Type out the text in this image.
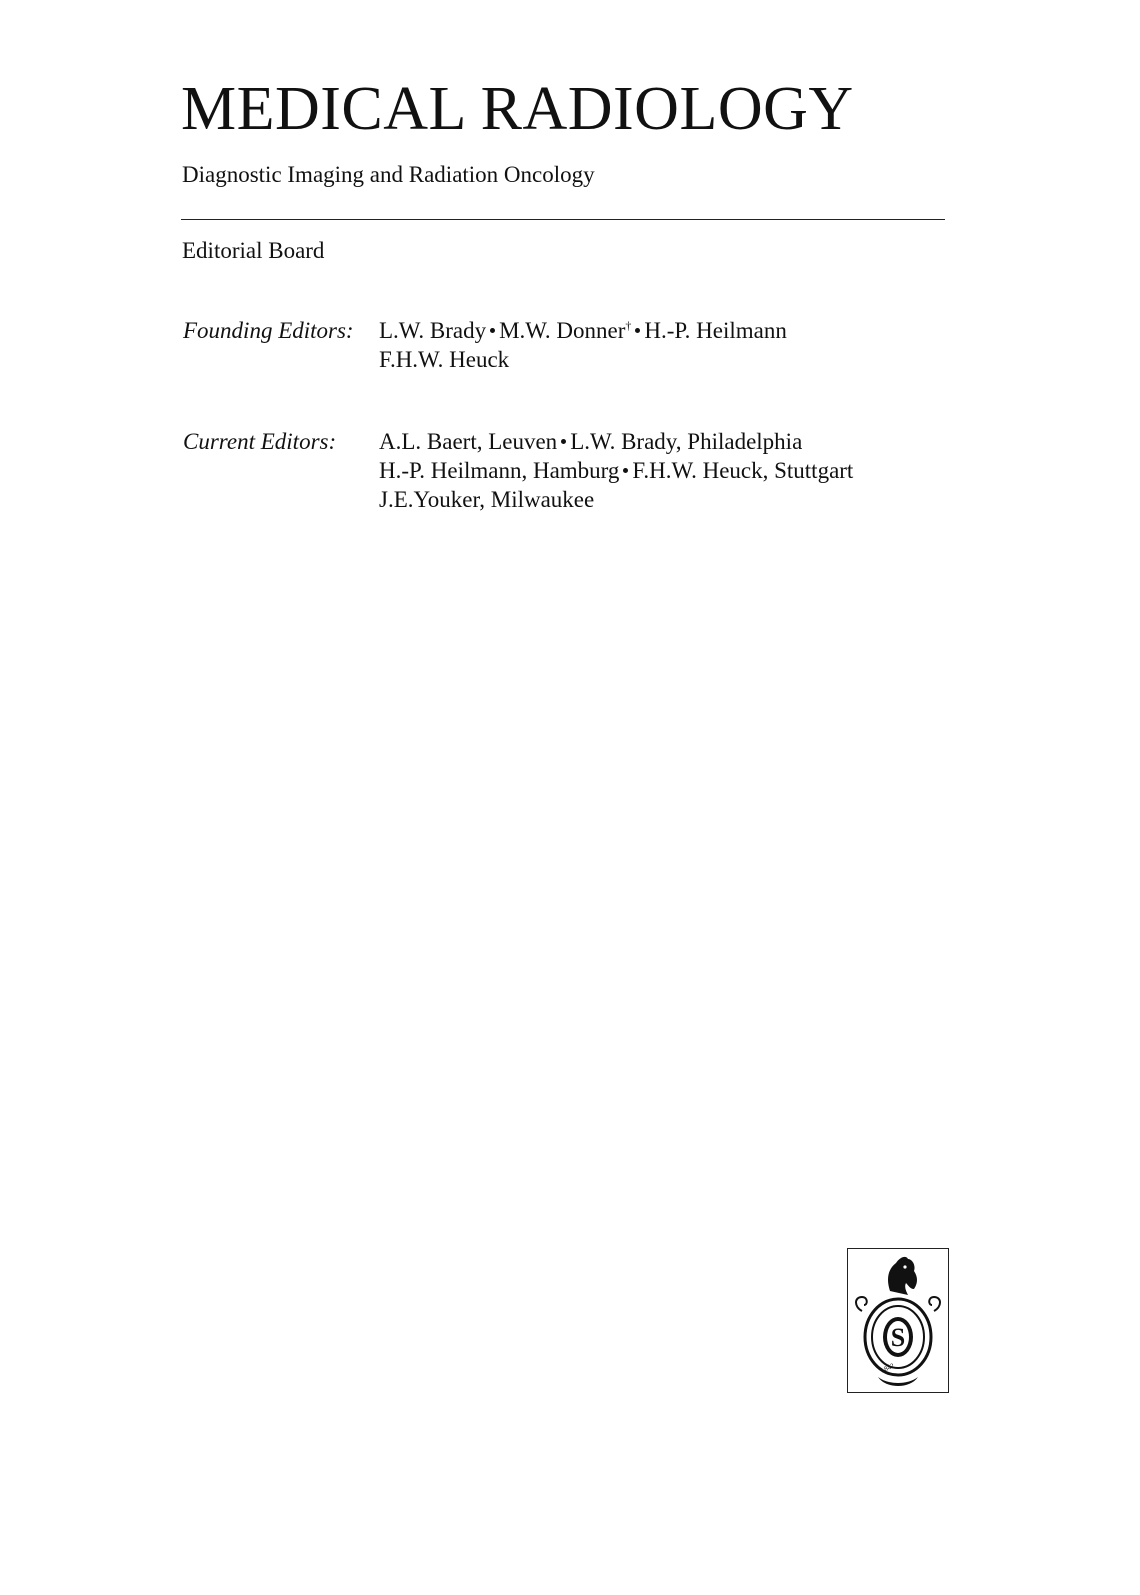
MEDICAL RADIOLOGY
Diagnostic Imaging and Radiation Oncology
Editorial Board
Founding Editors: L.W. Brady M.W. Donner† H.-P. Heilmann
F.H.W. Heuck
Current Editors: A.L. Baert, Leuven L.W. Brady, Philadelphia
H.-P. Heilmann, Hamburg F.H.W. Heuck, Stuttgart
J.E.Youker, Milwaukee
S
1842
